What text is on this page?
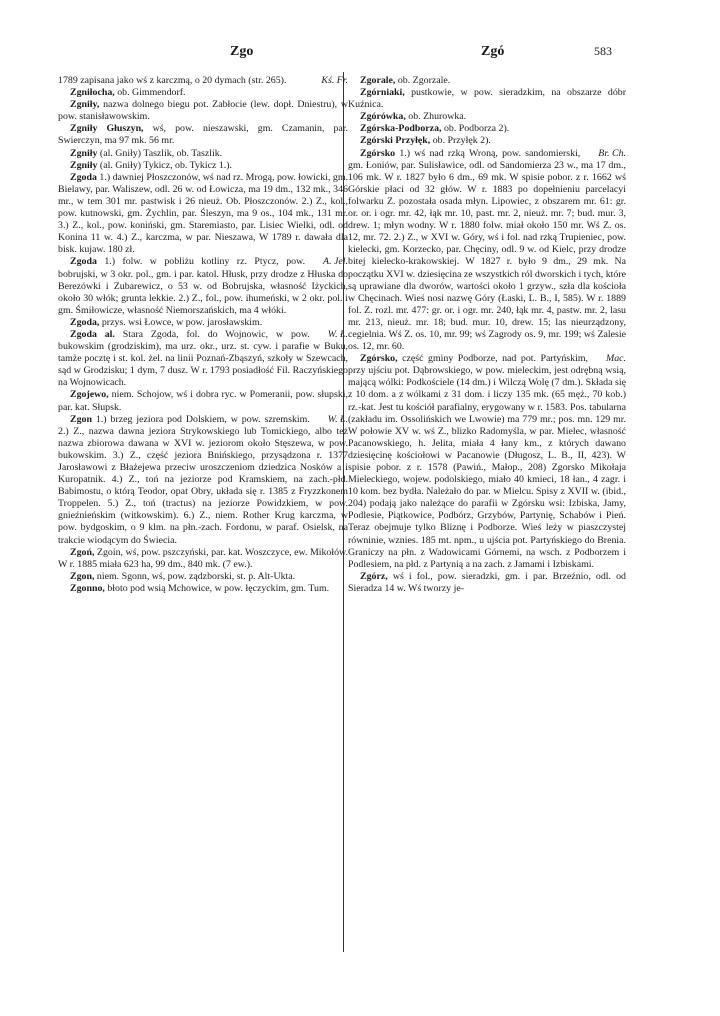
Zgo	Zgó	583

Kś. Fr.
1789 zapisana jako wś z karczmą, o 20 dymach (str. 265).

Zgniłocha, ob. Gimmendorf.

Zgniły, nazwa dolnego biegu pot. Zabłocie (lew. dopł. Dniestru), w pow. stanisławowskim.

Zgniły Głuszyn, wś, pow. nieszawski, gm. Czamanin, par. Swierczyn, ma 97 mk. 56 mr.

Zgniły (al. Gniły) Taszlik, ob. Taszlik.

Zgniły (al. Gniły) Tykicz, ob. Tykicz 1.).

Zgoda 1.) dawniej Płoszczonów, wś nad rz. Mrogą, pow. łowicki, gm. Bielawy, par. Waliszew, odl. 26 w. od Łowicza, ma 19 dm., 132 mk., 346 mr., w tem 301 mr. pastwisk i 26 nieuż. Ob. Płoszczonów. 2.) Z., kol., pow. kutnowski, gm. Żychlin, par. Śleszyn, ma 9 os., 104 mk., 131 mr. 3.) Z., kol., pow. koniński, gm. Staremiasto, par. Lisiec Wielki, odl. od Konina 11 w. 4.) Z., karczma, w par. Nieszawa, W 1789 r. dawała dla bisk. kujaw. 180 zł.

A. Jel.
Zgoda 1.) folw. w pobliżu kotliny rz. Ptycz, pow. bobrujski, w 3 okr. pol., gm. i par. katol. Hłusk, przy drodze z Hłuska do Berezówki i Zubarewicz, o 53 w. od Bobrujska, własność Iżyckich, około 30 włók; grunta lekkie. 2.) Z., fol., pow. ihumeński, w 2 okr. pol. i gm. Śmiłowicze, własność Niemorszańskich, ma 4 włóki.

Zgoda, przys. wsi Łowce, w pow. jarosławskim.

W. Ł.
Zgoda al. Stara Zgoda, fol. do Wojnowic, w pow. bukowskim (grodziskim), ma urz. okr., urz. st. cyw. i parafie w Buku, tamże pocztę i st. kol. żel. na linii Poznań-Zbąszyń, szkoły w Szewcach, sąd w Grodzisku; 1 dym, 7 dusz. W r. 1793 posiadłość Fil. Raczyńskiego na Wojnowicach.

Zgojewo, niem. Schojow, wś i dobra ryc. w Pomeranii, pow. słupski, par. kat. Słupsk.

W. Ł.
Zgon 1.) brzeg jeziora pod Dolskiem, w pow. szremskim. 2.) Z., nazwa dawna jeziora Strykowskiego lub Tomickiego, albo też nazwa zbiorowa dawana w XVI w. jeziorom około Stęszewa, w pow. bukowskim. 3.) Z., część jeziora Bnińskiego, przysądzona r. 1377 Jarosławowi z Błażejewa przeciw uroszczeniom dziedzica Nosków a i Kuropatnik. 4.) Z., toń na jeziorze pod Kramskiem, na zach.-płd. Babimostu, o którą Teodor, opat Obry, układa się r. 1385 z Fryzzkonem Troppelen. 5.) Z., toń (tractus) na jeziorze Powidzkiem, w pow. gnieźnieńskim (witkowskim). 6.) Z., niem. Rother Krug karczma, w pow. bydgoskim, o 9 klm. na płn.-zach. Fordonu, w paraf. Osielsk, na trakcie wiodącym do Świecia.

Zgoń, Zgoin, wś, pow. pszczyński, par. kat. Woszczyce, ew. Mikołów. W r. 1885 miała 623 ha, 99 dm., 840 mk. (7 ew.).

Zgon, niem. Sgonn, wś, pow. ządzborski, st. p. Alt-Ukta.

Zgonno, błoto pod wsią Mchowice, w pow. łęczyckim, gm. Tum.

Zgorale, ob. Zgorzale.

Zgórniaki, pustkowie, w pow. sieradzkim, na obszarze dóbr Kuźnica.

Zgórówka, ob. Zhurowka.

Zgórska-Podborza, ob. Podborza 2).

Zgórski Przyłęk, ob. Przyłęk 2).

Br. Ch.
Zgórsko 1.) wś nad rzką Wroną, pow. sandomierski, gm. Łoniów, par. Sulisławice, odl. od Sandomierza 23 w., ma 17 dm., 106 mk. W r. 1827 było 6 dm., 69 mk. W spisie pobor. z r. 1662 wś Górskie płaci od 32 głów. W r. 1883 po dopełnieniu parcelacyi folwarku Z. pozostała osada młyn. Lipowiec, z obszarem mr. 61: gr. or. or. i ogr. mr. 42, łąk mr. 10, past. mr. 2, nieuż. mr. 7; bud. mur. 3, drew. 1; młyn wodny. W r. 1880 folw. miał około 150 mr. Wś Z. os. 12, mr. 72. 2.) Z., w XVI w. Góry, wś i fol. nad rzką Trupieniec, pow. kielecki, gm. Korzecko, par. Chęciny, odl. 9 w. od Kielc, przy drodze bitej kielecko-krakowskiej. W 1827 r. było 9 dm., 29 mk. Na początku XVI w. dziesięcina ze wszystkich ról dworskich i tych, które są uprawiane dla dworów, wartości około 1 grzyw., szła dla kościoła w Chęcinach. Wieś nosi nazwę Góry (Łaski, L. B., I, 585). W r. 1889 fol. Z. rozl. mr. 477: gr. or. i ogr. mr. 240, łąk mr. 4, pastw. mr. 2, lasu mr. 213, nieuż. mr. 18; bud. mur. 10, drew. 15; las nieurządzony, cegielnia. Wś Z. os. 10, mr. 99; wś Zagrody os. 9, mr. 199; wś Zalesie os. 12, mr. 60.

Mac.
Zgórsko, część gminy Podborze, nad pot. Partyńskim, przy ujściu pot. Dąbrowskiego, w pow. mieleckim, jest odrębną wsią, mającą wólki: Podkościele (14 dm.) i Wilczą Wolę (7 dm.). Składa się z 10 dom. a z wólkami z 31 dom. i liczy 135 mk. (65 męż., 70 kob.) rz.-kat. Jest tu kościół parafialny, erygowany w r. 1583. Pos. tabularna (zakładu im. Ossolińskich we Lwowie) ma 779 mr.; pos. mn. 129 mr. W połowie XV w. wś Z., blizko Radomyśla, w par. Mielec, własność Pacanowskiego, h. Jelita, miała 4 łany km., z których dawano dziesięcinę kościołowi w Pacanowie (Długosz, L. B., II, 423). W spisie pobor. z r. 1578 (Pawiń., Małop., 208) Zgorsko Mikołaja Mieleckiego, wojew. podolskiego, miało 40 kmieci, 18 łan., 4 zagr. i 10 kom. bez bydła. Należało do par. w Mielcu. Spisy z XVII w. (ibid., 204) podają jako należące do parafii w Zgórsku wsi: Izbiska, Jamy, Podlesie, Piątkowice, Podbórz, Grzybów, Partynię, Schabów i Pień. Teraz obejmuje tylko Bliznę i Podborze. Wieś leży w piaszczystej równinie, wznies. 185 mt. npm., u ujścia pot. Partyńskiego do Brenia. Graniczy na płn. z Wadowicami Górnemi, na wsch. z Podborzem i Podlesiem, na płd. z Partynią a na zach. z Jamami i Izbiskami.

Zgórz, wś i fol., pow. sieradzki, gm. i par. Brzeźnio, odl. od Sieradza 14 w. Wś tworzy je-
